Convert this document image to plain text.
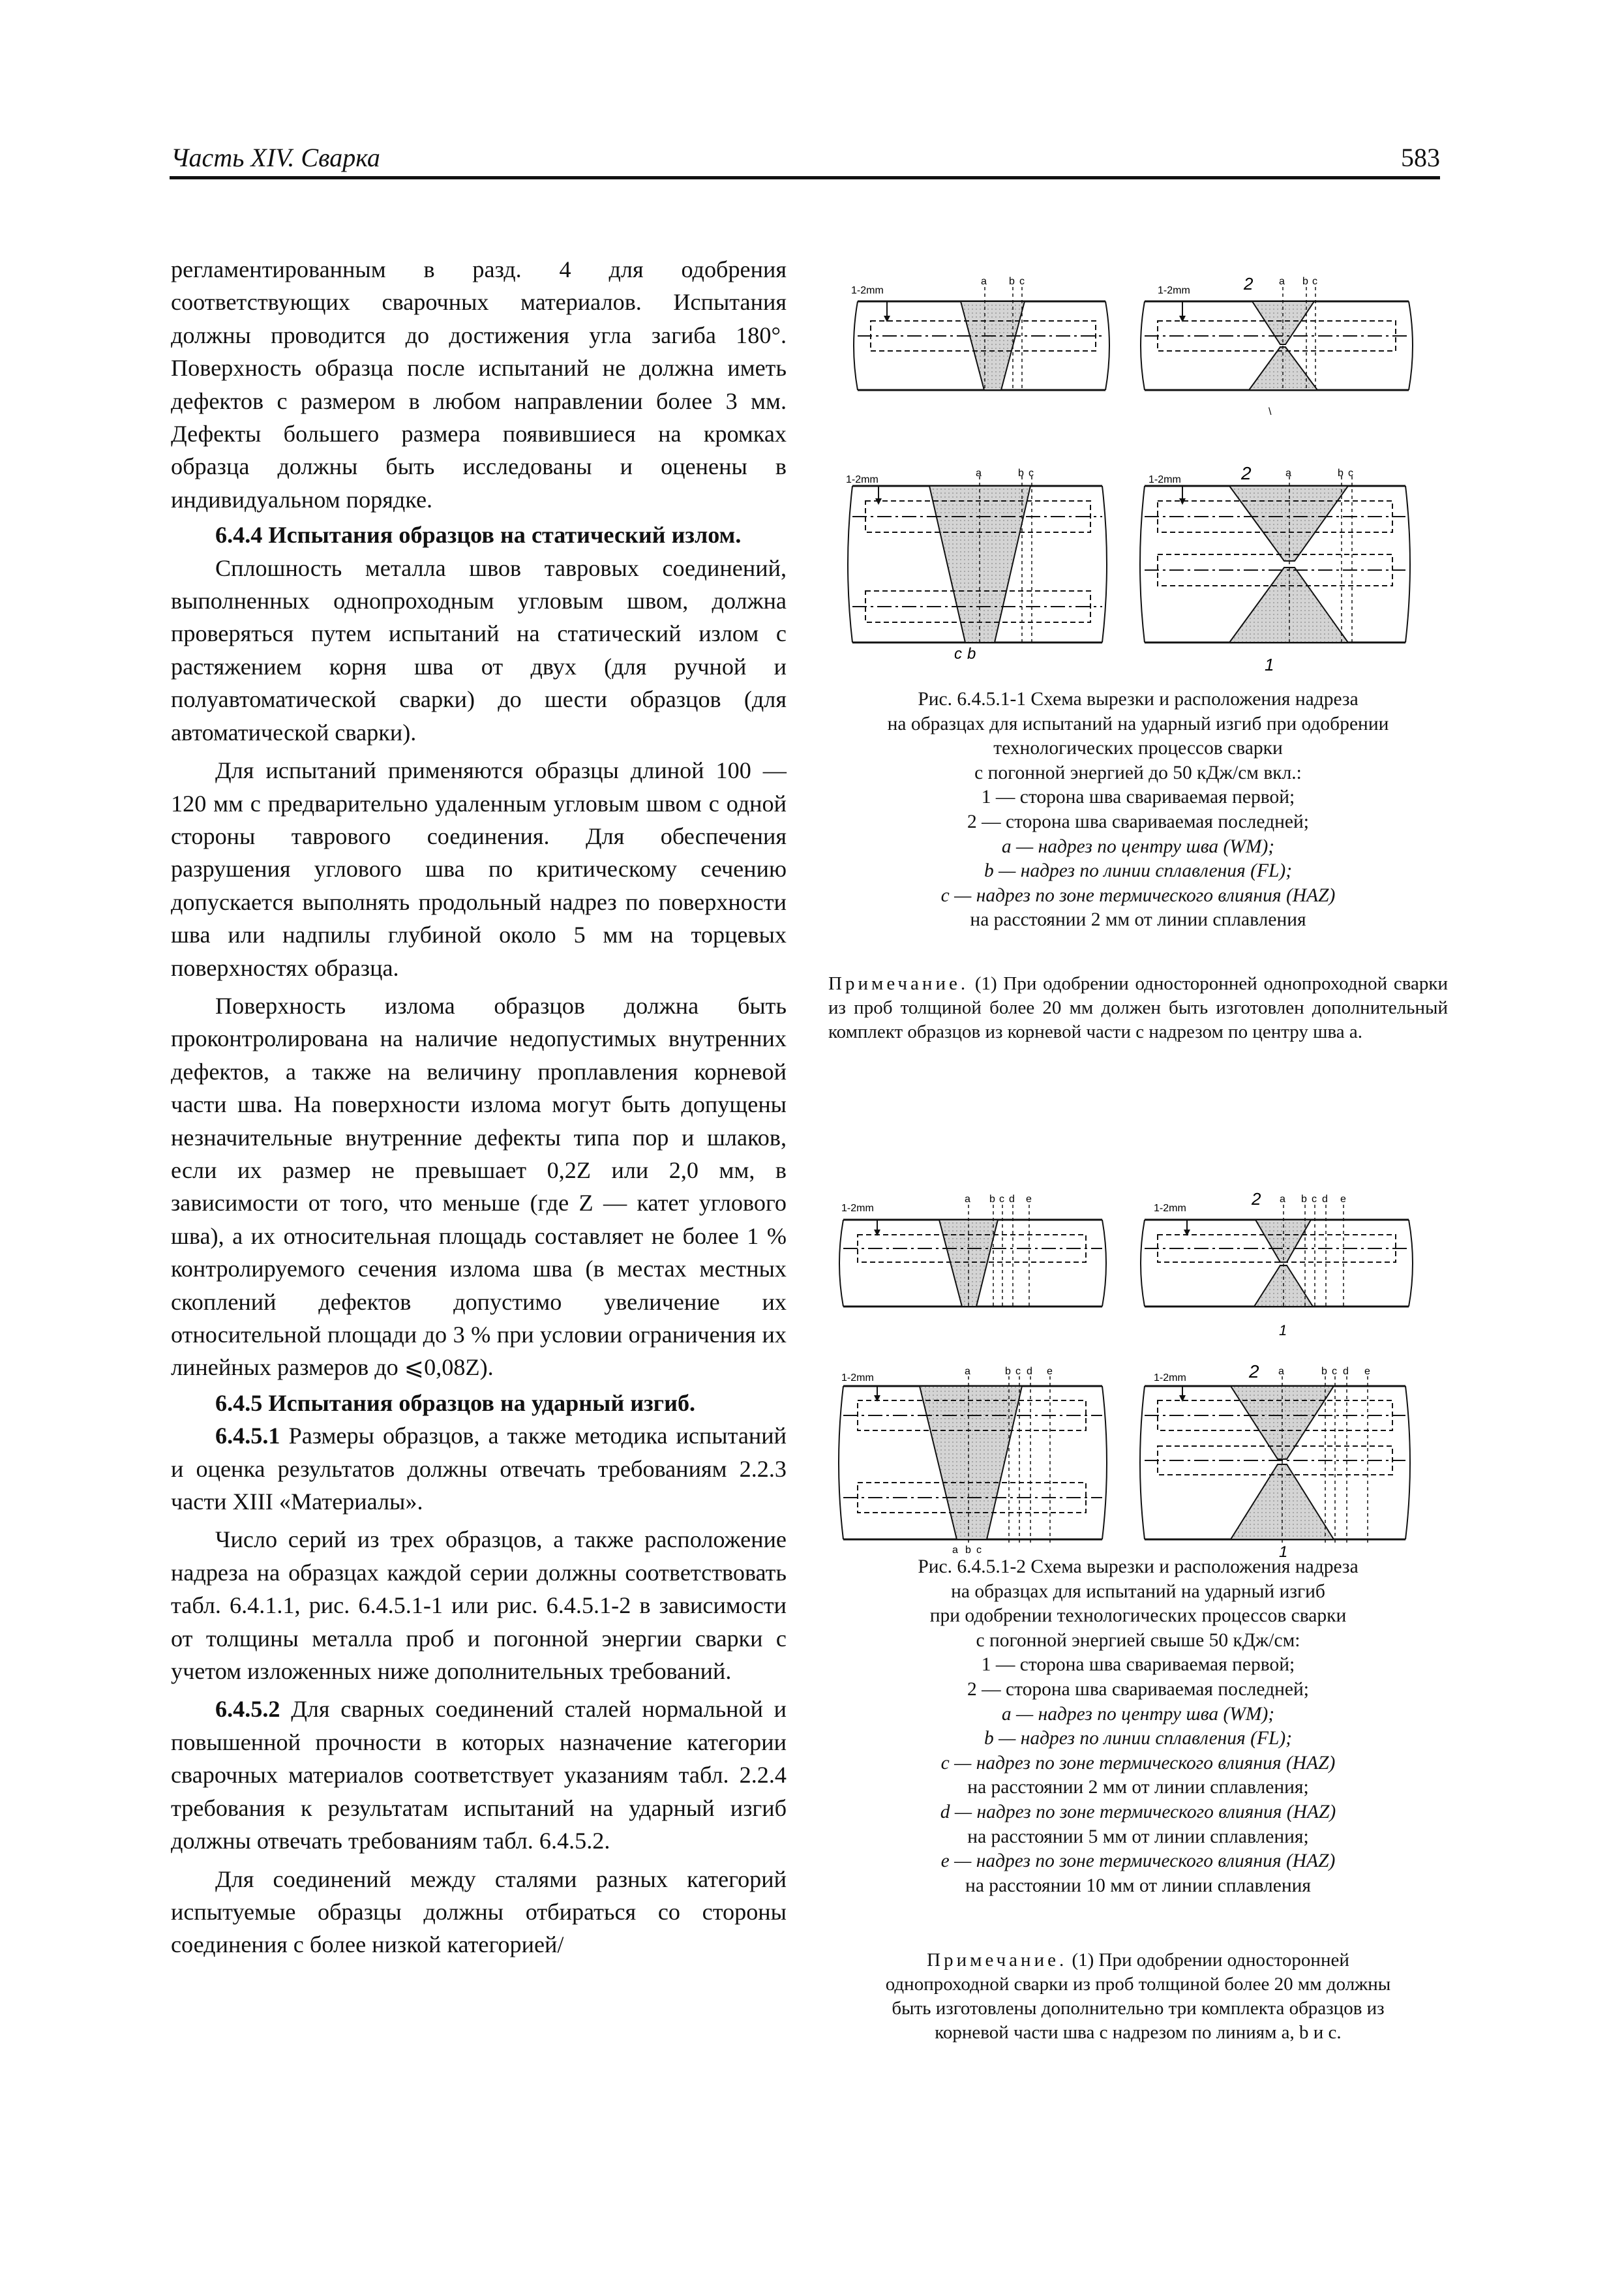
Часть XIV. Сварка	583

регламентированным в разд. 4 для одобрения соответствующих сварочных материалов. Испытания должны проводится до достижения угла загиба 180°. Поверхность образца после испытаний не должна иметь дефектов с размером в любом направлении более 3 мм. Дефекты большего размера появившиеся на кромках образца должны быть исследованы и оценены в индивидуальном порядке.

6.4.4 Испытания образцов на статический излом.

Сплошность металла швов тавровых соединений, выполненных однопроходным угловым швом, должна проверяться путем испытаний на статический излом с растяжением корня шва от двух (для ручной и полуавтоматической сварки) до шести образцов (для автоматической сварки).

Для испытаний применяются образцы длиной 100 — 120 мм с предварительно удаленным угловым швом с одной стороны таврового соединения. Для обеспечения разрушения углового шва по критическому сечению допускается выполнять продольный надрез по поверхности шва или надпилы глубиной около 5 мм на торцевых поверхностях образца.

Поверхность излома образцов должна быть проконтролирована на наличие недопустимых внутренних дефектов, а также на величину проплавления корневой части шва. На поверхности излома могут быть допущены незначительные внутренние дефекты типа пор и шлаков, если их размер не превышает 0,2Z или 2,0 мм, в зависимости от того, что меньше (где Z — катет углового шва), а их относительная площадь составляет не более 1 % контролируемого сечения излома шва (в местах местных скоплений дефектов допустимо увеличение их относительной площади до 3 % при условии ограничения их линейных размеров до ⩽0,08Z).

6.4.5 Испытания образцов на ударный изгиб.

6.4.5.1 Размеры образцов, а также методика испытаний и оценка результатов должны отвечать требованиям 2.2.3 части XIII «Материалы».

Число серий из трех образцов, а также расположение надреза на образцах каждой серии должны соответствовать табл. 6.4.1.1, рис. 6.4.5.1-1 или рис. 6.4.5.1-2 в зависимости от толщины металла проб и погонной энергии сварки с учетом изложенных ниже дополнительных требований.

6.4.5.2 Для сварных соединений сталей нормальной и повышенной прочности в которых назначение категории сварочных материалов соответствует указаниям табл. 2.2.4 требования к результатам испытаний на ударный изгиб должны отвечать требованиям табл. 6.4.5.2.

Для соединений между сталями разных категорий испытуемые образцы должны отбираться со стороны соединения с более низкой категорией/

1-2mm
a b c
1-2mm	2 a b c
\
1-2mm
a	b c
c b
1-2mm	2	a	b c
1
Рис. 6.4.5.1-1 Схема вырезки и расположения надреза
на образцах для испытаний на ударный изгиб при одобрении
технологических процессов сварки
с погонной энергией до 50 кДж/см вкл.:
1 — сторона шва свариваемая первой;
2 — сторона шва свариваемая последней;
a — надрез по центру шва (WM);
b — надрез по линии сплавления (FL);
c — надрез по зоне термического влияния (HAZ)
на расстоянии 2 мм от линии сплавления
Примечание. (1) При одобрении односторонней однопроходной сварки из проб толщиной более 20 мм должен быть изготовлен дополнительный комплект образцов из корневой части с надрезом по центру шва a.
1-2mm
a b c d e
1-2mm	2 a b c d e
1
1-2mm
a	b c d e
a b c
1-2mm	2 a	b c d e
1
Рис. 6.4.5.1-2 Схема вырезки и расположения надреза
на образцах для испытаний на ударный изгиб
при одобрении технологических процессов сварки
с погонной энергией свыше 50 кДж/см:
1 — сторона шва свариваемая первой;
2 — сторона шва свариваемая последней;
a — надрез по центру шва (WM);
b — надрез по линии сплавления (FL);
c — надрез по зоне термического влияния (HAZ)
на расстоянии 2 мм от линии сплавления;
d — надрез по зоне термического влияния (HAZ)
на расстоянии 5 мм от линии сплавления;
e — надрез по зоне термического влияния (HAZ)
на расстоянии 10 мм от линии сплавления
Примечание. (1) При одобрении односторонней
однопроходной сварки из проб толщиной более 20 мм должны
быть изготовлены дополнительно три комплекта образцов из
корневой части шва с надрезом по линиям a, b и c.
